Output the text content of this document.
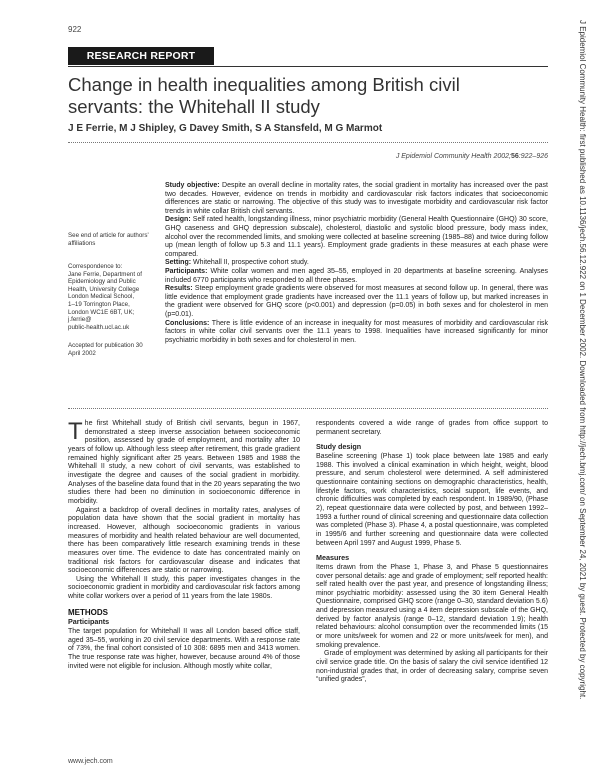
922
RESEARCH REPORT
Change in health inequalities among British civil servants: the Whitehall II study
J E Ferrie, M J Shipley, G Davey Smith, S A Stansfeld, M G Marmot
J Epidemiol Community Health 2002;56:922–926
See end of article for authors' affiliations
Correspondence to:
Jane Ferrie, Department of
Epidemiology and Public
Health, University College
London Medical School,
1–19 Torrington Place,
London WC1E 6BT, UK;
j.ferrie@
public-health.ucl.ac.uk
Accepted for publication 30 April 2002

Study objective: Despite an overall decline in mortality rates, the social gradient in mortality has increased over the past two decades. However, evidence on trends in morbidity and cardiovascular risk factors indicates that socioeconomic differences are static or narrowing. The objective of this study was to investigate morbidity and cardiovascular risk factor trends in white collar British civil servants.

Design: Self rated health, longstanding illness, minor psychiatric morbidity (General Health Questionnaire (GHQ) 30 score, GHQ caseness and GHQ depression subscale), cholesterol, diastolic and systolic blood pressure, body mass index, alcohol over the recommended limits, and smoking were collected at baseline screening (1985–88) and twice during follow up (mean length of follow up 5.3 and 11.1 years). Employment grade gradients in these measures at each phase were compared.

Setting: Whitehall II, prospective cohort study.

Participants: White collar women and men aged 35–55, employed in 20 departments at baseline screening. Analyses included 6770 participants who responded to all three phases.

Results: Steep employment grade gradients were observed for most measures at second follow up. In general, there was little evidence that employment grade gradients have increased over the 11.1 years of follow up, but marked increases in the gradient were observed for GHQ score (p<0.001) and depression (p=0.05) in both sexes and for cholesterol in men (p=0.01).

Conclusions: There is little evidence of an increase in inequality for most measures of morbidity and cardiovascular risk factors in white collar civil servants over the 11.1 years to 1998. Inequalities have increased significantly for minor psychiatric morbidity in both sexes and for cholesterol in men.

The first Whitehall study of British civil servants, begun in 1967, demonstrated a steep inverse association between socioeconomic position, assessed by grade of employment, and mortality after 10 years of follow up. Although less steep after retirement, this grade gradient remained highly significant after 25 years. Between 1985 and 1988 the Whitehall II study, a new cohort of civil servants, was established to investigate the degree and causes of the social gradient in morbidity. Analyses of the baseline data found that in the 20 years separating the two studies there had been no diminution in socioeconomic difference in morbidity.

Against a backdrop of overall declines in mortality rates, analyses of population data have shown that the social gradient in mortality has increased. However, although socioeconomic gradients in various measures of morbidity and health related behaviour are well documented, there has been comparatively little research examining trends in these measures over time. The evidence to date has concentrated mainly on traditional risk factors for cardiovascular disease and indicates that socioeconomic differences are static or narrowing.

Using the Whitehall II study, this paper investigates changes in the socioeconomic gradient in morbidity and cardiovascular risk factors among white collar workers over a period of 11 years from the late 1980s.

METHODS
Participants

The target population for Whitehall II was all London based office staff, aged 35–55, working in 20 civil service departments. With a response rate of 73%, the final cohort consisted of 10 308: 6895 men and 3413 women. The true response rate was higher, however, because around 4% of those invited were not eligible for inclusion. Although mostly white collar,

respondents covered a wide range of grades from office support to permanent secretary.

Study design

Baseline screening (Phase 1) took place between late 1985 and early 1988. This involved a clinical examination in which height, weight, blood pressure, and serum cholesterol were determined. A self administered questionnaire containing sections on demographic characteristics, health, lifestyle factors, work characteristics, social support, life events, and chronic difficulties was completed by each respondent. In 1989/90, (Phase 2), repeat questionnaire data were collected by post, and between 1992–1993 a further round of clinical screening and questionnaire data collection was completed (Phase 3). Phase 4, a postal questionnaire, was completed in 1995/6 and further screening and questionnaire data were collected between April 1997 and August 1999, Phase 5.

Measures

Items drawn from the Phase 1, Phase 3, and Phase 5 questionnaires cover personal details: age and grade of employment; self reported health: self rated health over the past year, and presence of longstanding illness; minor psychiatric morbidity: assessed using the 30 item General Health Questionnaire, comprised GHQ score (range 0–30, standard deviation 5.6) and depression measured using a 4 item depression subscale of the GHQ, derived by factor analysis (range 0–12, standard deviation 1.9); health related behaviours: alcohol consumption over the recommended limits (15 or more units/week for women and 22 or more units/week for men), and smoking prevalence.

Grade of employment was determined by asking all participants for their civil service grade title. On the basis of salary the civil service identified 12 non-industrial grades that, in order of decreasing salary, comprise seven “unified grades”,

www.jech.com
J Epidemiol Community Health: first published as 10.1136/jech.56.12.922 on 1 December 2002. Downloaded from http://jech.bmj.com/ on September 24, 2021 by guest. Protected by copyright.
